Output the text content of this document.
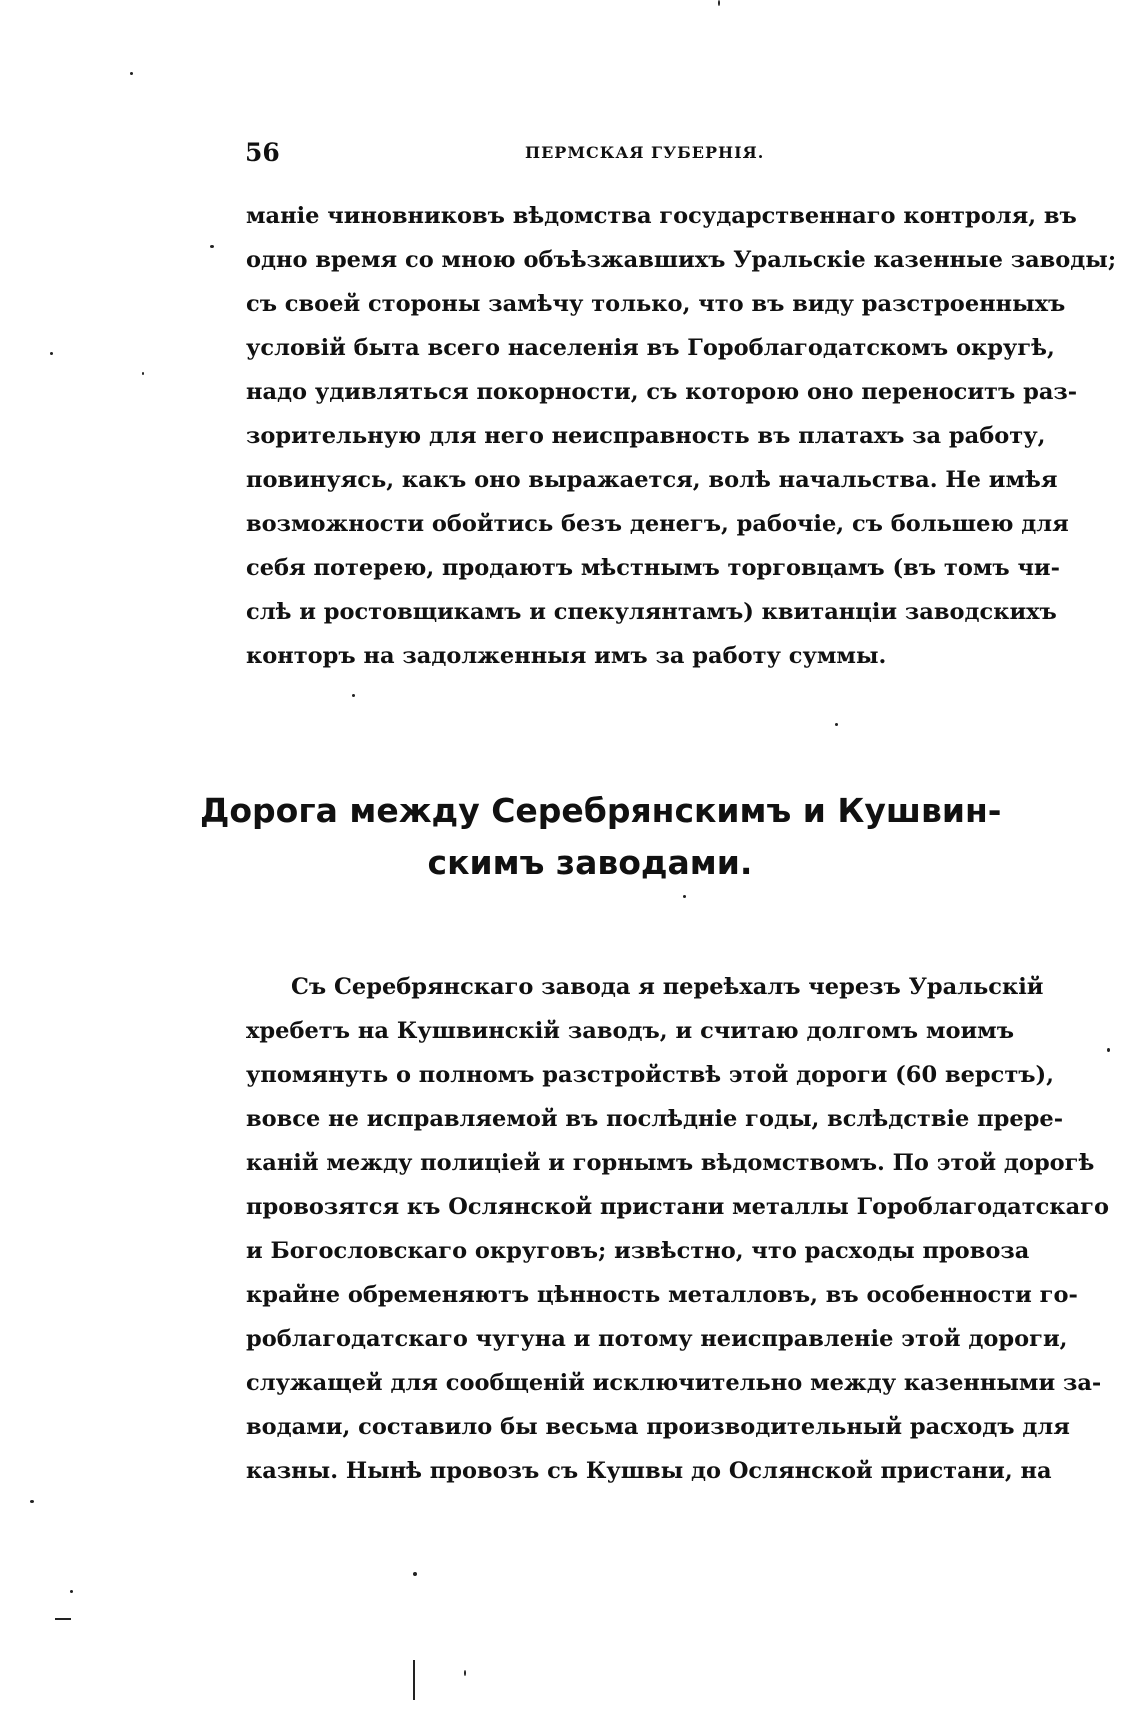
56	ПЕРМСКАЯ ГУБЕРНІЯ.
маніе чиновниковъ вѣдомства государственнаго контроля, въ
одно время со мною объѣзжавшихъ Уральскіе казенные заводы;
съ своей стороны замѣчу только, что въ виду разстроенныхъ
условій быта всего населенія въ Гороблагодатскомъ округѣ,
надо удивляться покорности, съ которою оно переноситъ раз-
зорительную для него неисправность въ платахъ за работу,
повинуясь, какъ оно выражается, волѣ начальства. Не имѣя
возможности обойтись безъ денегъ, рабочіе, съ большею для
себя потерею, продаютъ мѣстнымъ торговцамъ (въ томъ чи-
слѣ и ростовщикамъ и спекулянтамъ) квитанціи заводскихъ
конторъ на задолженныя имъ за работу суммы.
Дорога между Серебрянскимъ и Кушвин-
скимъ заводами.
Съ Серебрянскаго завода я переѣхалъ черезъ Уральскій
хребетъ на Кушвинскій заводъ, и считаю долгомъ моимъ
упомянуть о полномъ разстройствѣ этой дороги (60 верстъ),
вовсе не исправляемой въ послѣдніе годы, вслѣдствіе прере-
каній между полиціей и горнымъ вѣдомствомъ. По этой дорогѣ
провозятся къ Ослянской пристани металлы Гороблагодатскаго
и Богословскаго округовъ; извѣстно, что расходы провоза
крайне обременяютъ цѣнность металловъ, въ особенности го-
роблагодатскаго чугуна и потому неисправленіе этой дороги,
служащей для сообщеній исключительно между казенными за-
водами, составило бы весьма производительный расходъ для
казны. Нынѣ провозъ съ Кушвы до Ослянской пристани, на
